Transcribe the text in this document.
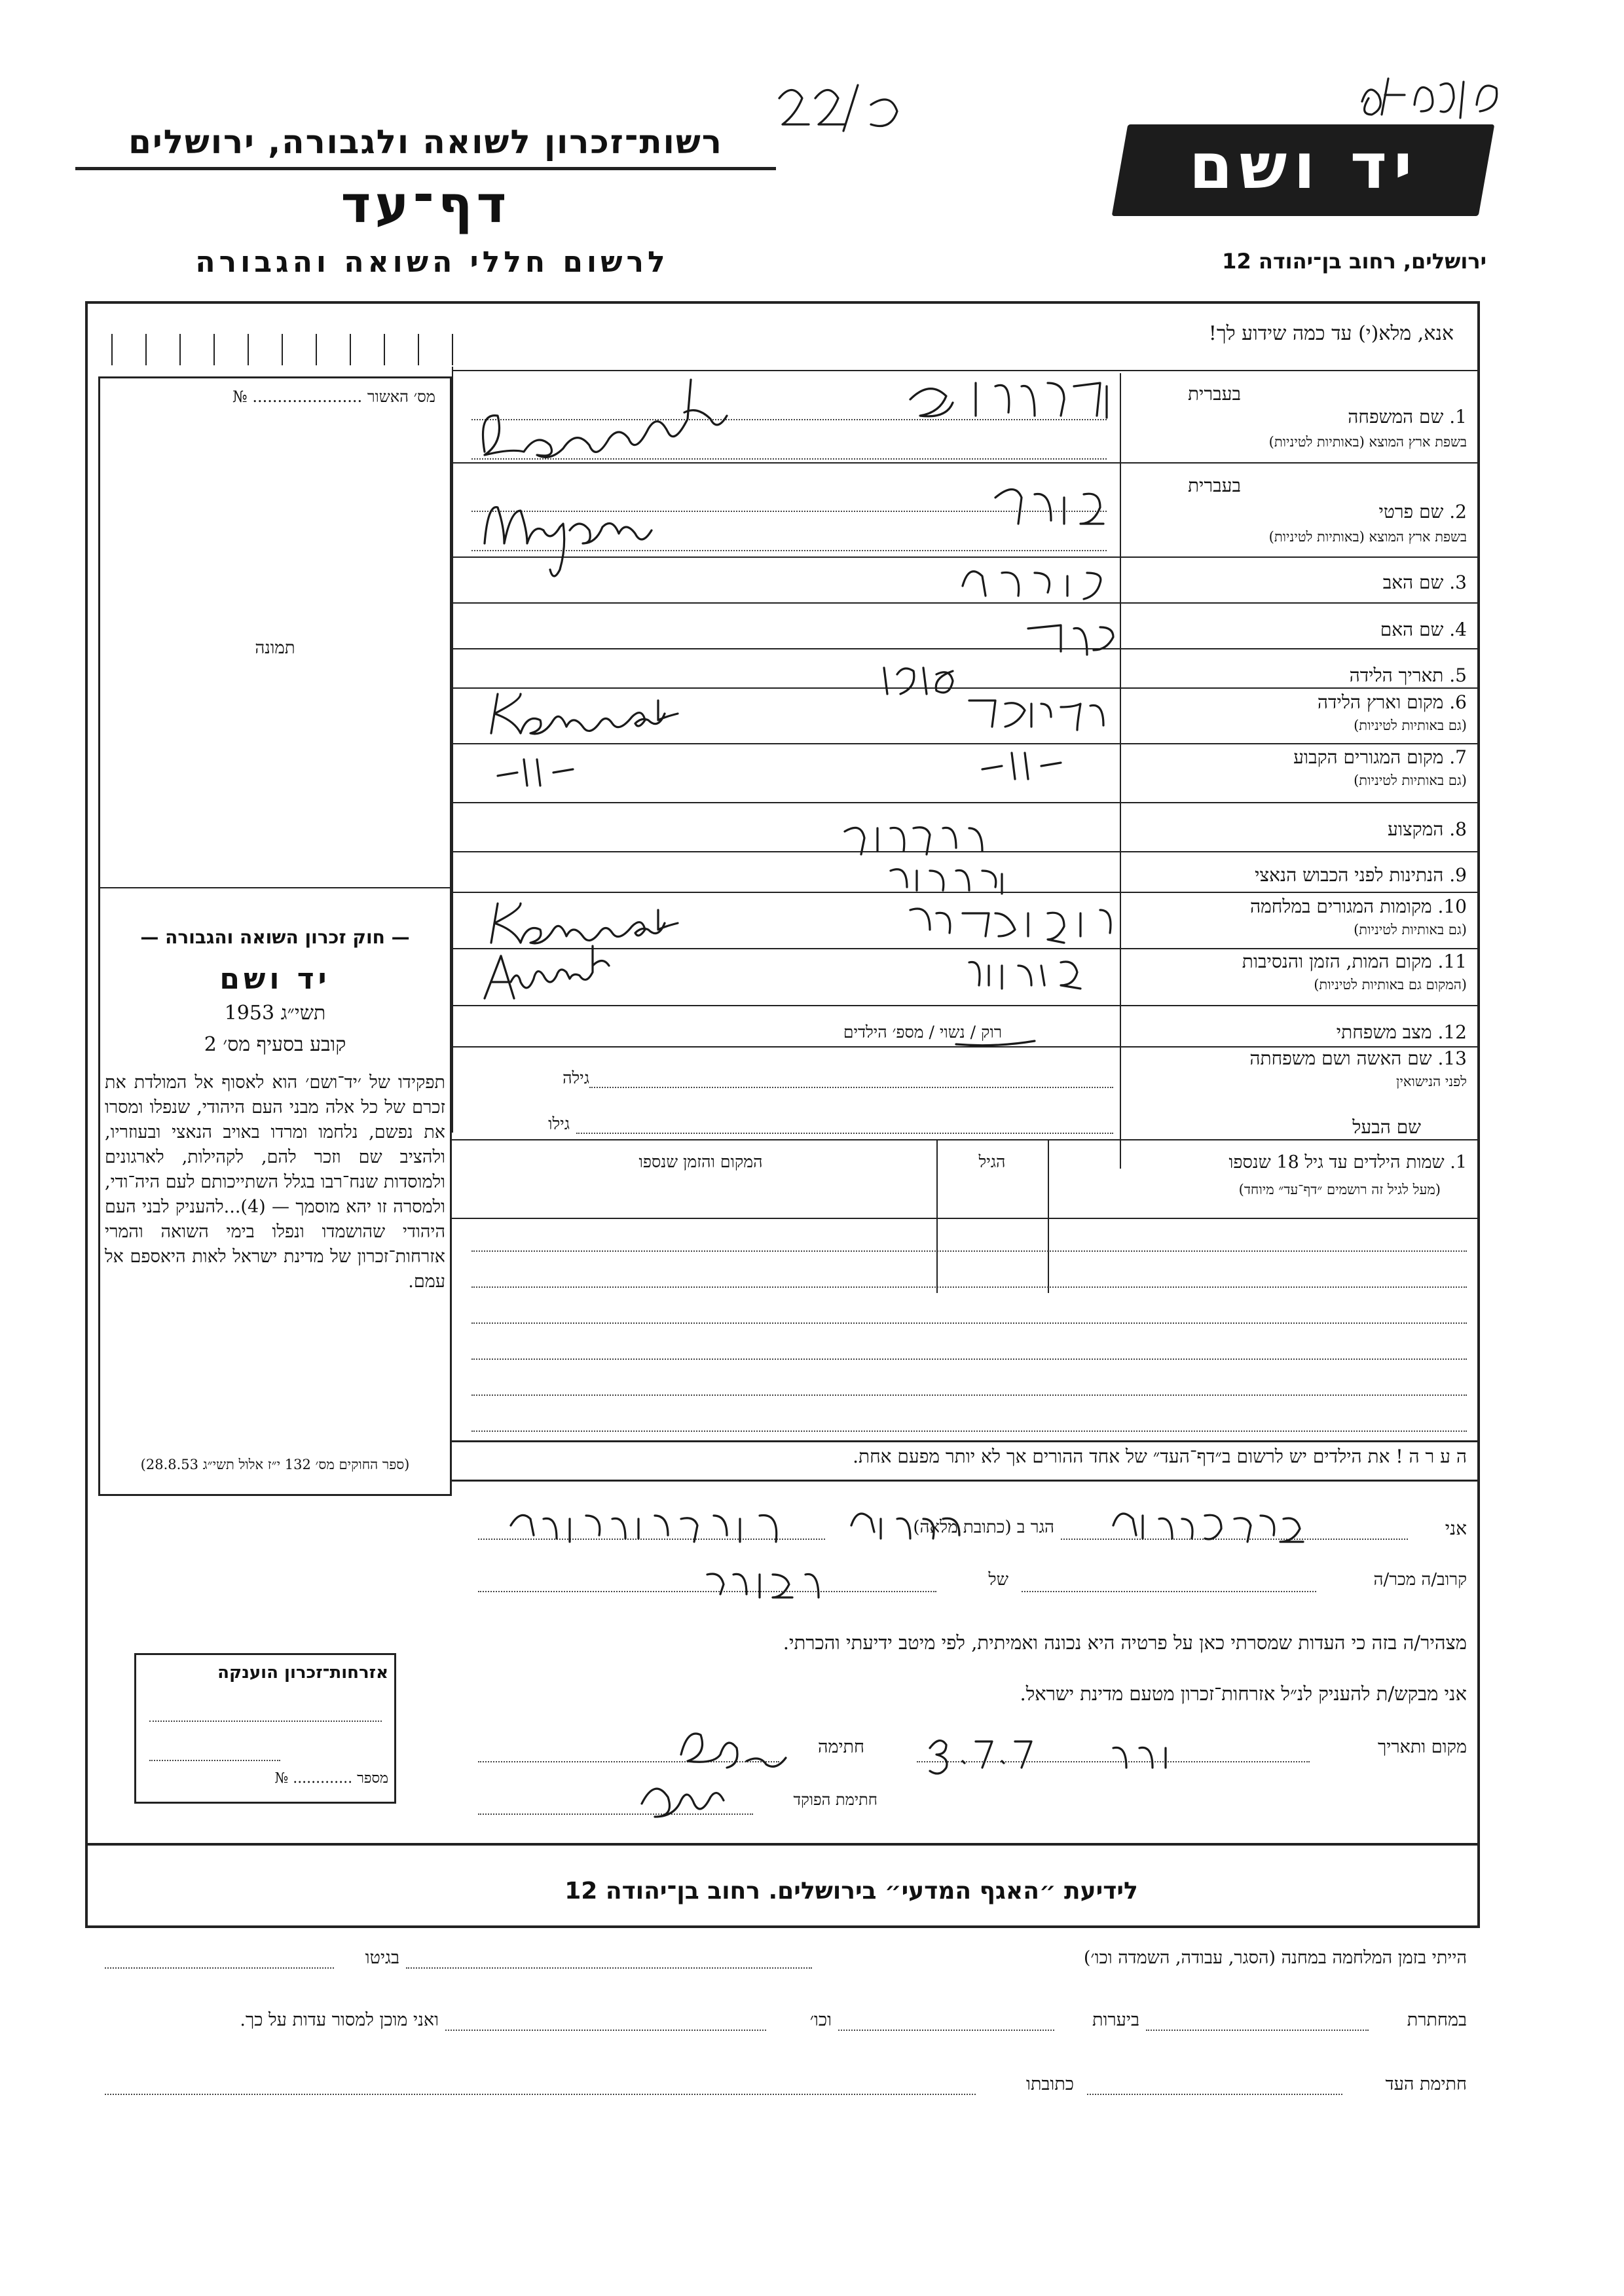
רשות־זכרון לשואה ולגבורה, ירושלים
דף־עד
לרשום חללי השואה והגבורה
יד ושם
ירושלים, רחוב בן־יהודה 12
אנא, מלא(י) עד כמה שידוע לך!
מס׳ האשור ...................... №
תמונה
— חוק זכרון השואה והגבורה —
יד ושם
תשי״ג 1953
קובע בסעיף מס׳ 2
תפקידו של ׳יד־ושם׳ הוא לאסוף אל המולדת את זכרם של כל אלה מבני העם היהודי, שנפלו ומסרו את נפשם, נלחמו ומרדו באויב הנאצי ובעוזריו, ולהציב שם וזכר להם, לקהילות, לארגונים ולמוסדות שנח־רבו בגלל השתייכותם לעם היה־ודי, ולמסרה זו יהא מוסמך — (4)...להעניק לבני העם היהודי שהושמדו ונפלו בימי השואה והמרי אזרחות־זכרון של מדינת ישראל לאות היאספם אל עמם.
(ספר החוקים מס׳ 132 י״ז אלול תשי״ג 28.8.53)
אזרחות־זכרון הוענקה
מספר ............. №
בעברית
1. שם המשפחה
בשפת ארץ המוצא (באותיות לטיניות)
בעברית
2. שם פרטי
בשפת ארץ המוצא (באותיות לטיניות)
3. שם האב
4. שם האם
5. תאריך הלידה
6. מקום וארץ הלידה
(גם באותיות לטיניות)
7. מקום המגורים הקבוע
(גם באותיות לטיניות)
8. המקצוע
9. הנתינות לפני הכבוש הנאצי
10. מקומות המגורים במלחמה
(גם באותיות לטיניות)
11. מקום המות, הזמן והנסיבות
(המקום גם באותיות לטיניות)
12. מצב משפחתי
13. שם האשה ושם משפחתה
לפני הנישואין
שם הבעל
רוק / נשוי / מספ׳ הילדים
גילה
גילו
1. שמות הילדים עד גיל 18 שנספו
(מעל לגיל זה רושמים ״דף־עד״ מיוחד)
הגיל
המקום והזמן שנספו
ה ע ר ה ! את הילדים יש לרשום ב״דף־העד״ של אחד ההורים אך לא יותר מפעם אחת.
אני
הגר ב (כתובת מלאה)
קרוב/ה מכר/ה
של
מצהיר/ה בזה כי העדות שמסרתי כאן על פרטיה היא נכונה ואמיתית, לפי מיטב ידיעתי והכרתי.
אני מבקש/ת להעניק לנ״ל אזרחות־זכרון מטעם מדינת ישראל.
מקום ותאריך
חתימה
חתימת הפוקד
לידיעת ״האגף המדעי״ בירושלים. רחוב בן־יהודה 12
הייתי בזמן המלחמה במחנה (הסגר, עבודה, השמדה וכו׳)
בגיטו
במחתרת
ביערות
וכו׳
ואני מוכן למסור עדות על כך.
חתימת העד
כתובתו
